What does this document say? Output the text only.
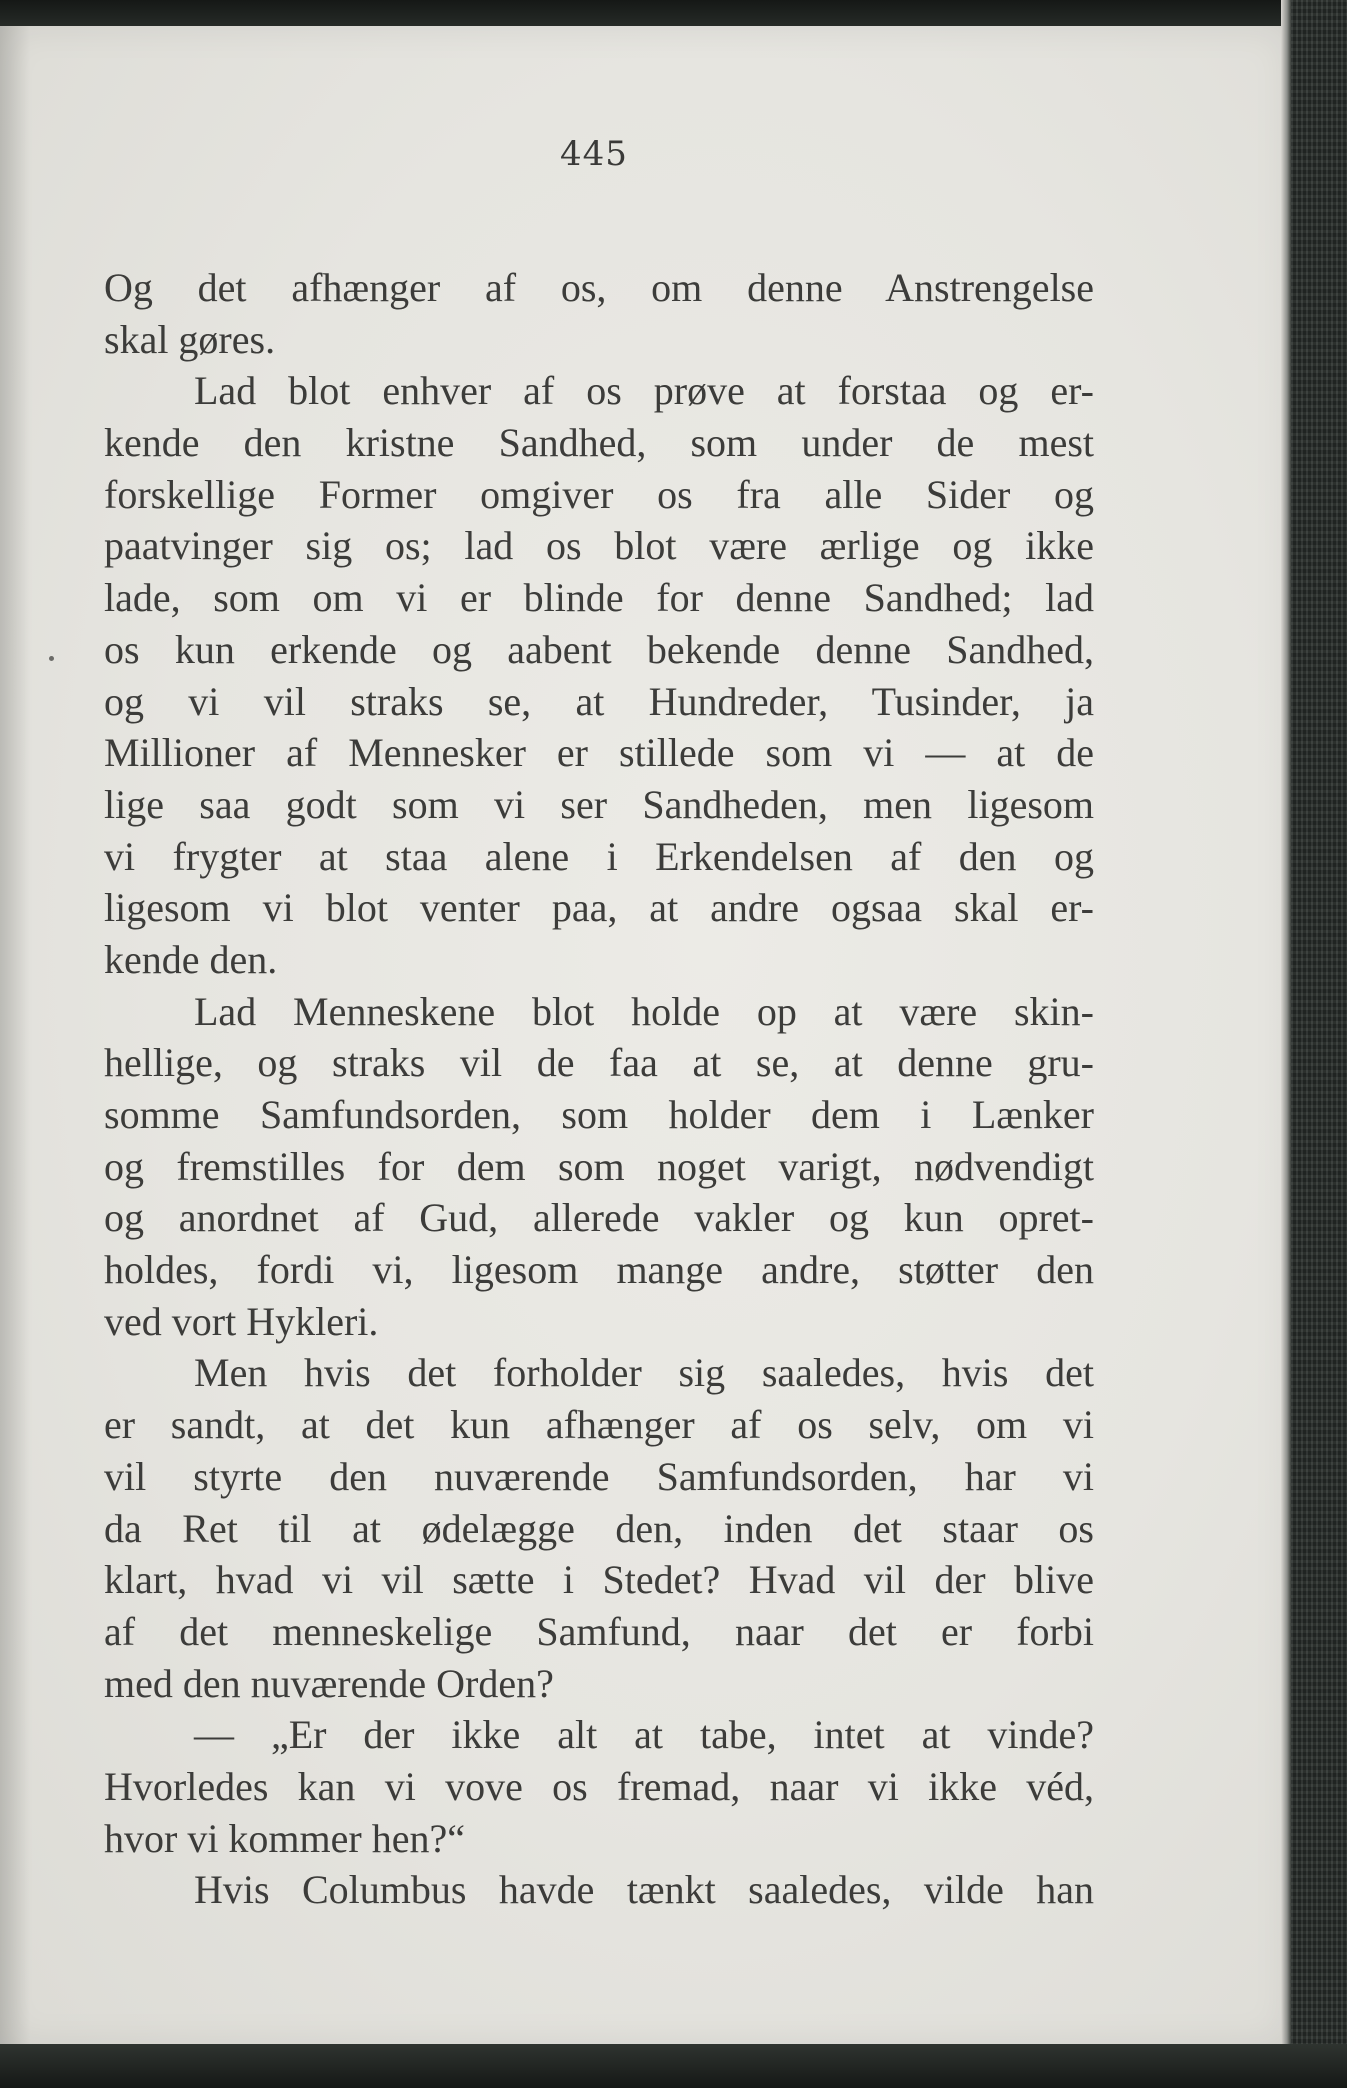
445
Og det afhænger af os, om denne Anstrengelse
skal gøres.
Lad blot enhver af os prøve at forstaa og er-
kende den kristne Sandhed, som under de mest
forskellige Former omgiver os fra alle Sider og
paatvinger sig os; lad os blot være ærlige og ikke
lade, som om vi er blinde for denne Sandhed; lad
os kun erkende og aabent bekende denne Sandhed,
og vi vil straks se, at Hundreder, Tusinder, ja
Millioner af Mennesker er stillede som vi — at de
lige saa godt som vi ser Sandheden, men ligesom
vi frygter at staa alene i Erkendelsen af den og
ligesom vi blot venter paa, at andre ogsaa skal er-
kende den.
Lad Menneskene blot holde op at være skin-
hellige, og straks vil de faa at se, at denne gru-
somme Samfundsorden, som holder dem i Lænker
og fremstilles for dem som noget varigt, nødvendigt
og anordnet af Gud, allerede vakler og kun opret-
holdes, fordi vi, ligesom mange andre, støtter den
ved vort Hykleri.
Men hvis det forholder sig saaledes, hvis det
er sandt, at det kun afhænger af os selv, om vi
vil styrte den nuværende Samfundsorden, har vi
da Ret til at ødelægge den, inden det staar os
klart, hvad vi vil sætte i Stedet? Hvad vil der blive
af det menneskelige Samfund, naar det er forbi
med den nuværende Orden?
— „Er der ikke alt at tabe, intet at vinde?
Hvorledes kan vi vove os fremad, naar vi ikke véd,
hvor vi kommer hen?“
Hvis Columbus havde tænkt saaledes, vilde han
